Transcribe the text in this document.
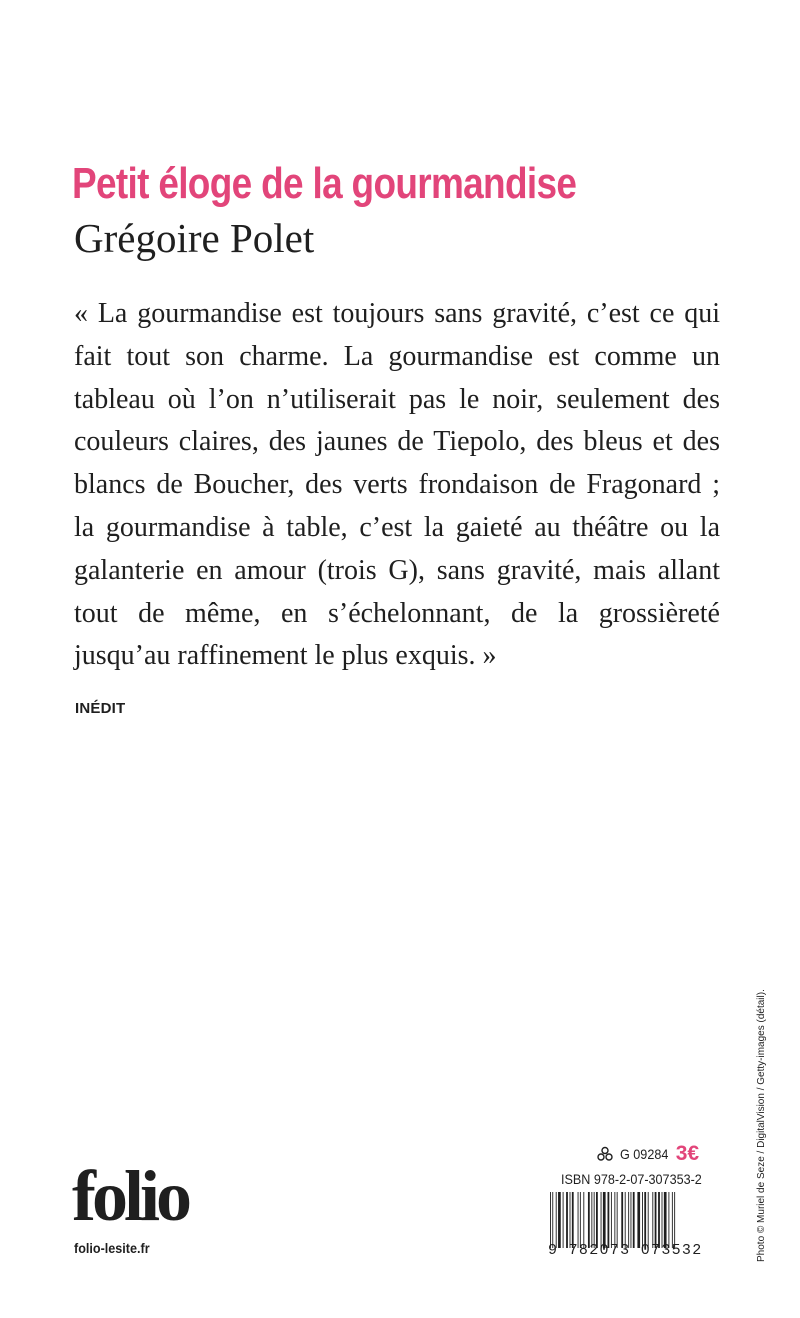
Petit éloge de la gourmandise
Grégoire Polet
« La gourmandise est toujours sans gravité, c’est ce qui
fait tout son charme. La gourmandise est comme un
tableau où l’on n’utiliserait pas le noir, seulement des
couleurs claires, des jaunes de Tiepolo, des bleus et des
blancs de Boucher, des verts frondaison de Fragonard ;
la gourmandise à table, c’est la gaieté au théâtre ou la
galanterie en amour (trois G), sans gravité, mais allant
tout de même, en s’échelonnant, de la grossièreté
jusqu’au raffinement le plus exquis. »
INÉDIT
folio
folio-lesite.fr
G 09284 3€
ISBN 978-2-07-307353-2
9 782073 073532	Photo © Muriel de Seze / DigitalVision / Getty-images (détail).
